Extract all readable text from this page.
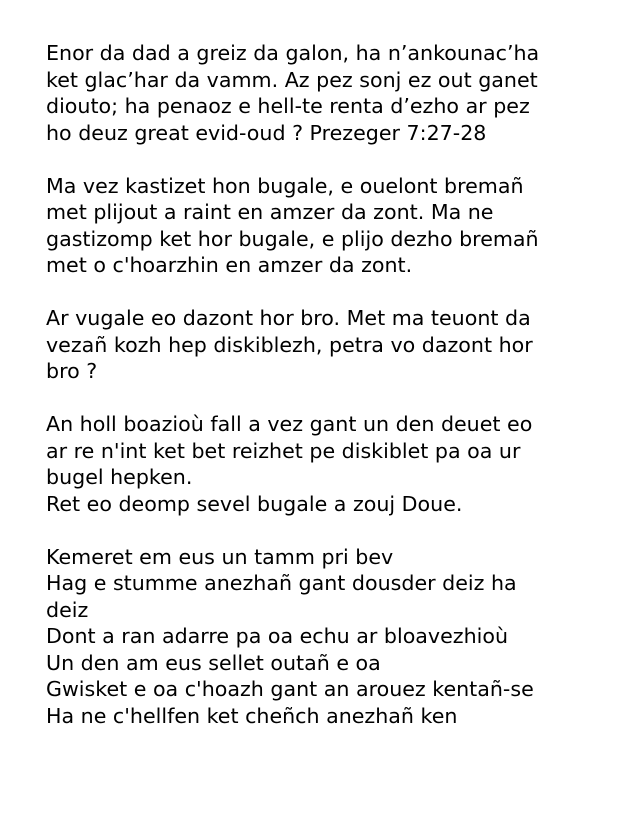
Enor da dad a greiz da galon, ha n’ankounac’ha
ket glac’har da vamm. Az pez sonj ez out ganet
diouto; ha penaoz e hell-te renta d’ezho ar pez
ho deuz great evid-oud ? Prezeger 7:27-28
Ma vez kastizet hon bugale, e ouelont bremañ
met plijout a raint en amzer da zont. Ma ne
gastizomp ket hor bugale, e plijo dezho bremañ
met o c'hoarzhin en amzer da zont.
Ar vugale eo dazont hor bro. Met ma teuont da
vezañ kozh hep diskiblezh, petra vo dazont hor
bro ?
An holl boazioù fall a vez gant un den deuet eo
ar re n'int ket bet reizhet pe diskiblet pa oa ur
bugel hepken.
Ret eo deomp sevel bugale a zouj Doue.
Kemeret em eus un tamm pri bev
Hag e stumme anezhañ gant dousder deiz ha
deiz
Dont a ran adarre pa oa echu ar bloavezhioù
Un den am eus sellet outañ e oa
Gwisket e oa c'hoazh gant an arouez kentañ-se
Ha ne c'hellfen ket cheñch anezhañ ken
